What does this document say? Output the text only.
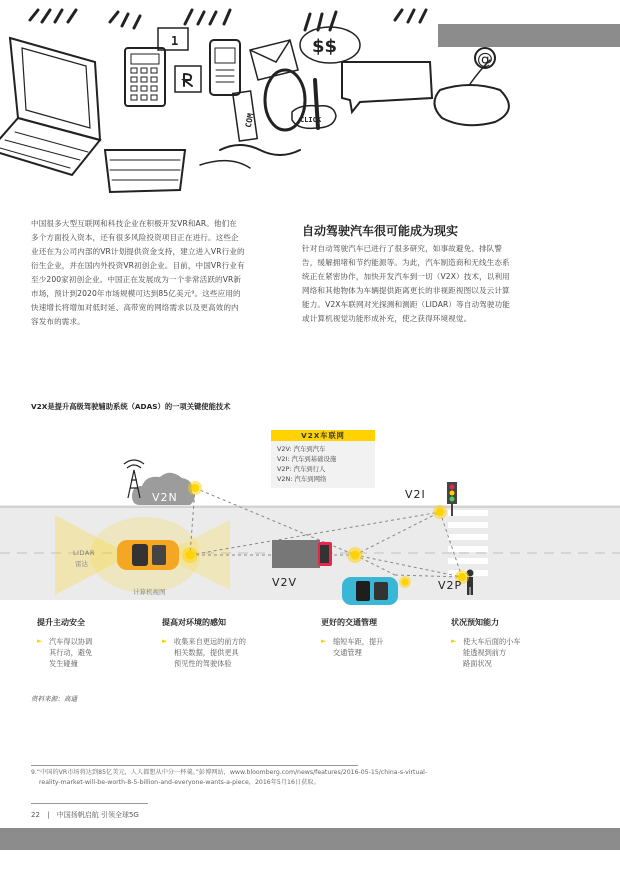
1
CLICK
COM
$$
@
中国很多大型互联网和科技企业在积极开发VR和AR。他们在
多个方面投入资本，还有很多风险投资项目正在进行。这些企
业还在为公司内部的VR计划提供资金支持，建立进入VR行业的
衍生企业，并在国内外投资VR初创企业。目前，中国VR行业有
至少200家初创企业。中国正在发展成为一个非常活跃的VR新
市场，预计到2020年市场规模可达到85亿美元⁹。这些应用的
快速增长将增加对低时延、高带宽的网络需求以及更高效的内
容发布的需求。
自动驾驶汽车很可能成为现实
针对自动驾驶汽车已进行了很多研究，如事故避免、排队警
告，缓解拥堵和节约能源等。为此，汽车制造商和无线生态系
统正在紧密协作，加快开发汽车到一切（V2X）技术，以利用
网络和其他物体为车辆提供距离更长的非视距视图以及云计算
能力。V2X车联网对光探测和测距（LIDAR）等自动驾驶功能
或计算机视觉功能形成补充，使之获得环境视觉。
V2X是提升高级驾驶辅助系统（ADAS）的一项关键使能技术
V2N	V2I
V2V	V2P
LIDAR
雷达
计算机视图
V2X车联网
V2V: 汽车到汽车
V2I: 汽车到基础设施
V2P: 汽车到行人
V2N: 汽车到网络
提升主动安全
► 汽车得以协调
其行动，避免
发生碰撞
提高对环境的感知
► 收集来自更远的前方的
相关数据，提供更具
预见性的驾驶体验
更好的交通管理
► 缩短车距，提升
交通管理
状况预知能力
► 使大车后面的小车
能透视到前方
路面状况
资料来源：高通
9.“中国的VR市场将达到85亿美元，人人都想从中分一杯羹。”彭博网站，www.bloomberg.com/news/features/2016-05-15/china-s-virtual-
reality-market-will-be-worth-8-5-billion-and-everyone-wants-a-piece，2016年5月16日获取。
22 | 中国扬帆启航 引领全球5G
